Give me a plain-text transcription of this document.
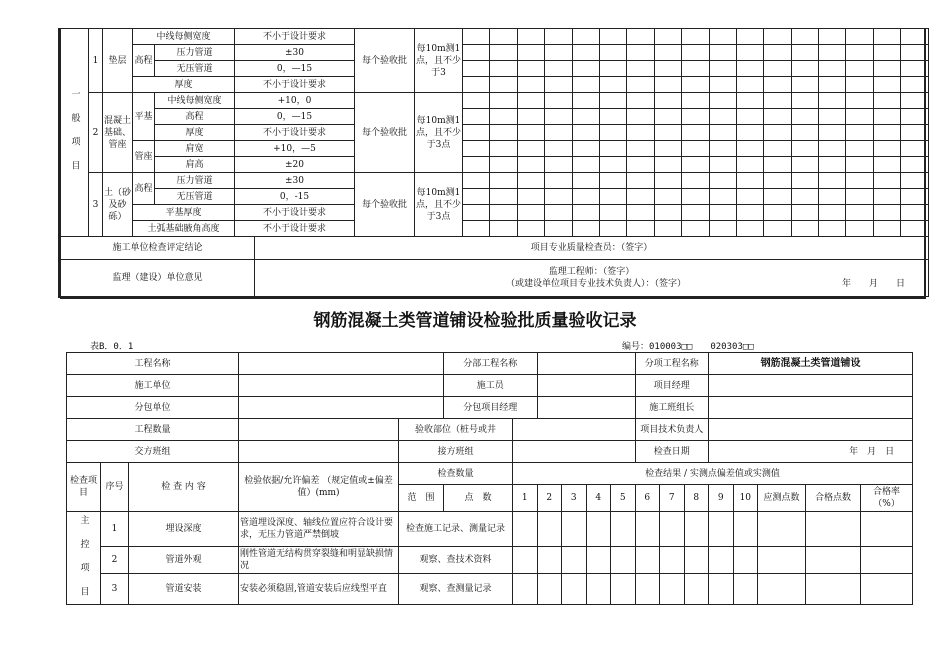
一 般 项 目	1	垫层	中线每侧宽度		不小于设计要求	每个验收批	每10m测1点，且不少于3																	
			高程	压力管道	±30																			
				无压管道	0，—15																			
			厚度		不小于设计要求																			
	2	混凝土基础、管座	平基	中线每侧宽度	+10，0	每个验收批	每10m测1点，且不少于3点																	
				高程	0，—15																			
				厚度	不小于设计要求																			
			管座	肩宽	+10，—5																			
				肩高	±20																			
	3	土（砂及砂砾）	高程	压力管道	±30	每个验收批	每10m测1点，且不少于3点																	
				无压管道	0，-15																			
			平基厚度		不小于设计要求																			
			土弧基础腋角高度		不小于设计要求																			
施工单位检查评定结论	项目专业质量检查员：（签字）
监理（建设）单位意见	监理工程师：（签字）
（或建设单位项目专业技术负责人）：（签字） 年　　月　　日
钢筋混凝土类管道铺设检验批质量验收记录
表B．0．1	编号：010003□□　　020303□□
工程名称					分部工程名称						分项工程名称			钢筋混凝土类管道铺设				
施工单位					施工员						项目经理							
分包单位					分包项目经理						施工班组长							
工程数量				验收部位（桩号或井							项目技术负责人							
交方班组				接方班组							检查日期			年　月　日				
检查项目	序号	检 查 内 容	检验依据/允许偏差 （规定值或±偏差值）(mm)	检查数量		检查结果 / 实测点偏差值或实测值												
				范　围	点　数	1	2	3	4	5	6	7	8	9	10	应测点数	合格点数	合格率（%）
主 控 项 目	1	埋设深度	管道埋设深度、轴线位置应符合设计要求，无压力管道严禁倒坡	检查施工记录、测量记录														
	2	管道外观	刚性管道无结构贯穿裂缝和明显缺损情况	观察、查技术资料														
	3	管道安装	安装必须稳固,管道安装后应线型平直	观察、查测量记录														
